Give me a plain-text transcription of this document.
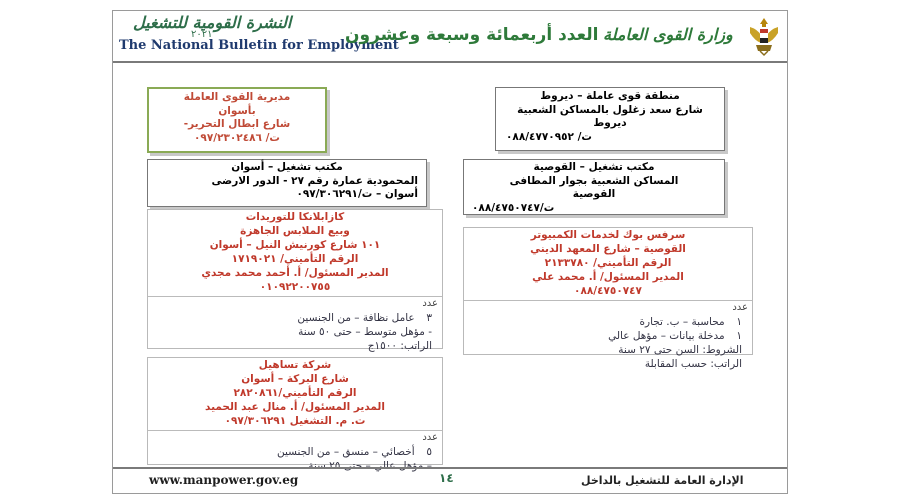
النشرة القومية للتشغيل
٢٠٢١
The National Bulletin for Employment
العدد أربعمائة وسبعة وعشرون وزارة القوى العاملة
مديرية القوى العاملة
بأسوان
شارع ابطال التحرير-
ت/ ٠٩٧/٢٣٠٢٤٨٦
منطقة قوى عاملة – ديروط
شارع سعد زغلول بالمساكن الشعبية
ديروط
ت/ ٠٨٨/٤٧٧٠٩٥٢
مكتب تشغيل – أسوان
المحمودية عمارة رقم ٢٧ - الدور الارضى
أسوان – ت/٠٩٧/٣٠٦٢٩١
مكتب تشغيل – القوصية
المساكن الشعبية بجوار المطافى
القوصية
ت/٠٨٨/٤٧٥٠٧٤٧
كازابلانكا للتوريدات
وبيع الملابس الجاهزة
١٠١ شارع كورنيش النيل – أسوان
الرقم التأميني/ ١٧١٩٠٢١
المدير المسئول/ أ. أحمد محمد مجدي
٠١٠٩٢٢٠٠٧٥٥
عدد
٣ عامل نظافة – من الجنسين
- مؤهل متوسط – حتى ٥٠ سنة
الراتب: ١٥٠٠ج
سرفس بوك لخدمات الكمبيوتر
القوصية – شارع المعهد الديني
الرقم التأميني/ ٢١٣٣٧٨٠
المدير المسئول/ أ. محمد علي
٠٨٨/٤٧٥٠٧٤٧
عدد
١ محاسبة – ب. تجارة
١ مدخلة بيانات – مؤهل عالي
الشروط: السن حتى ٢٧ سنة
الراتب: حسب المقابلة
شركة تساهيل
شارع البركة – أسوان
الرقم التأميني/٢٨٢٠٨٦١
المدير المسئول/ أ. منال عبد الحميد
ت. م. التشغيل ٠٩٧/٣٠٦٢٩١
عدد
٥ أخصائي – منسق – من الجنسين
– مؤهل عالي – حتى ٢٥ سنة
www.manpower.gov.eg	١٤	الإدارة العامة للتشغيل بالداخل
